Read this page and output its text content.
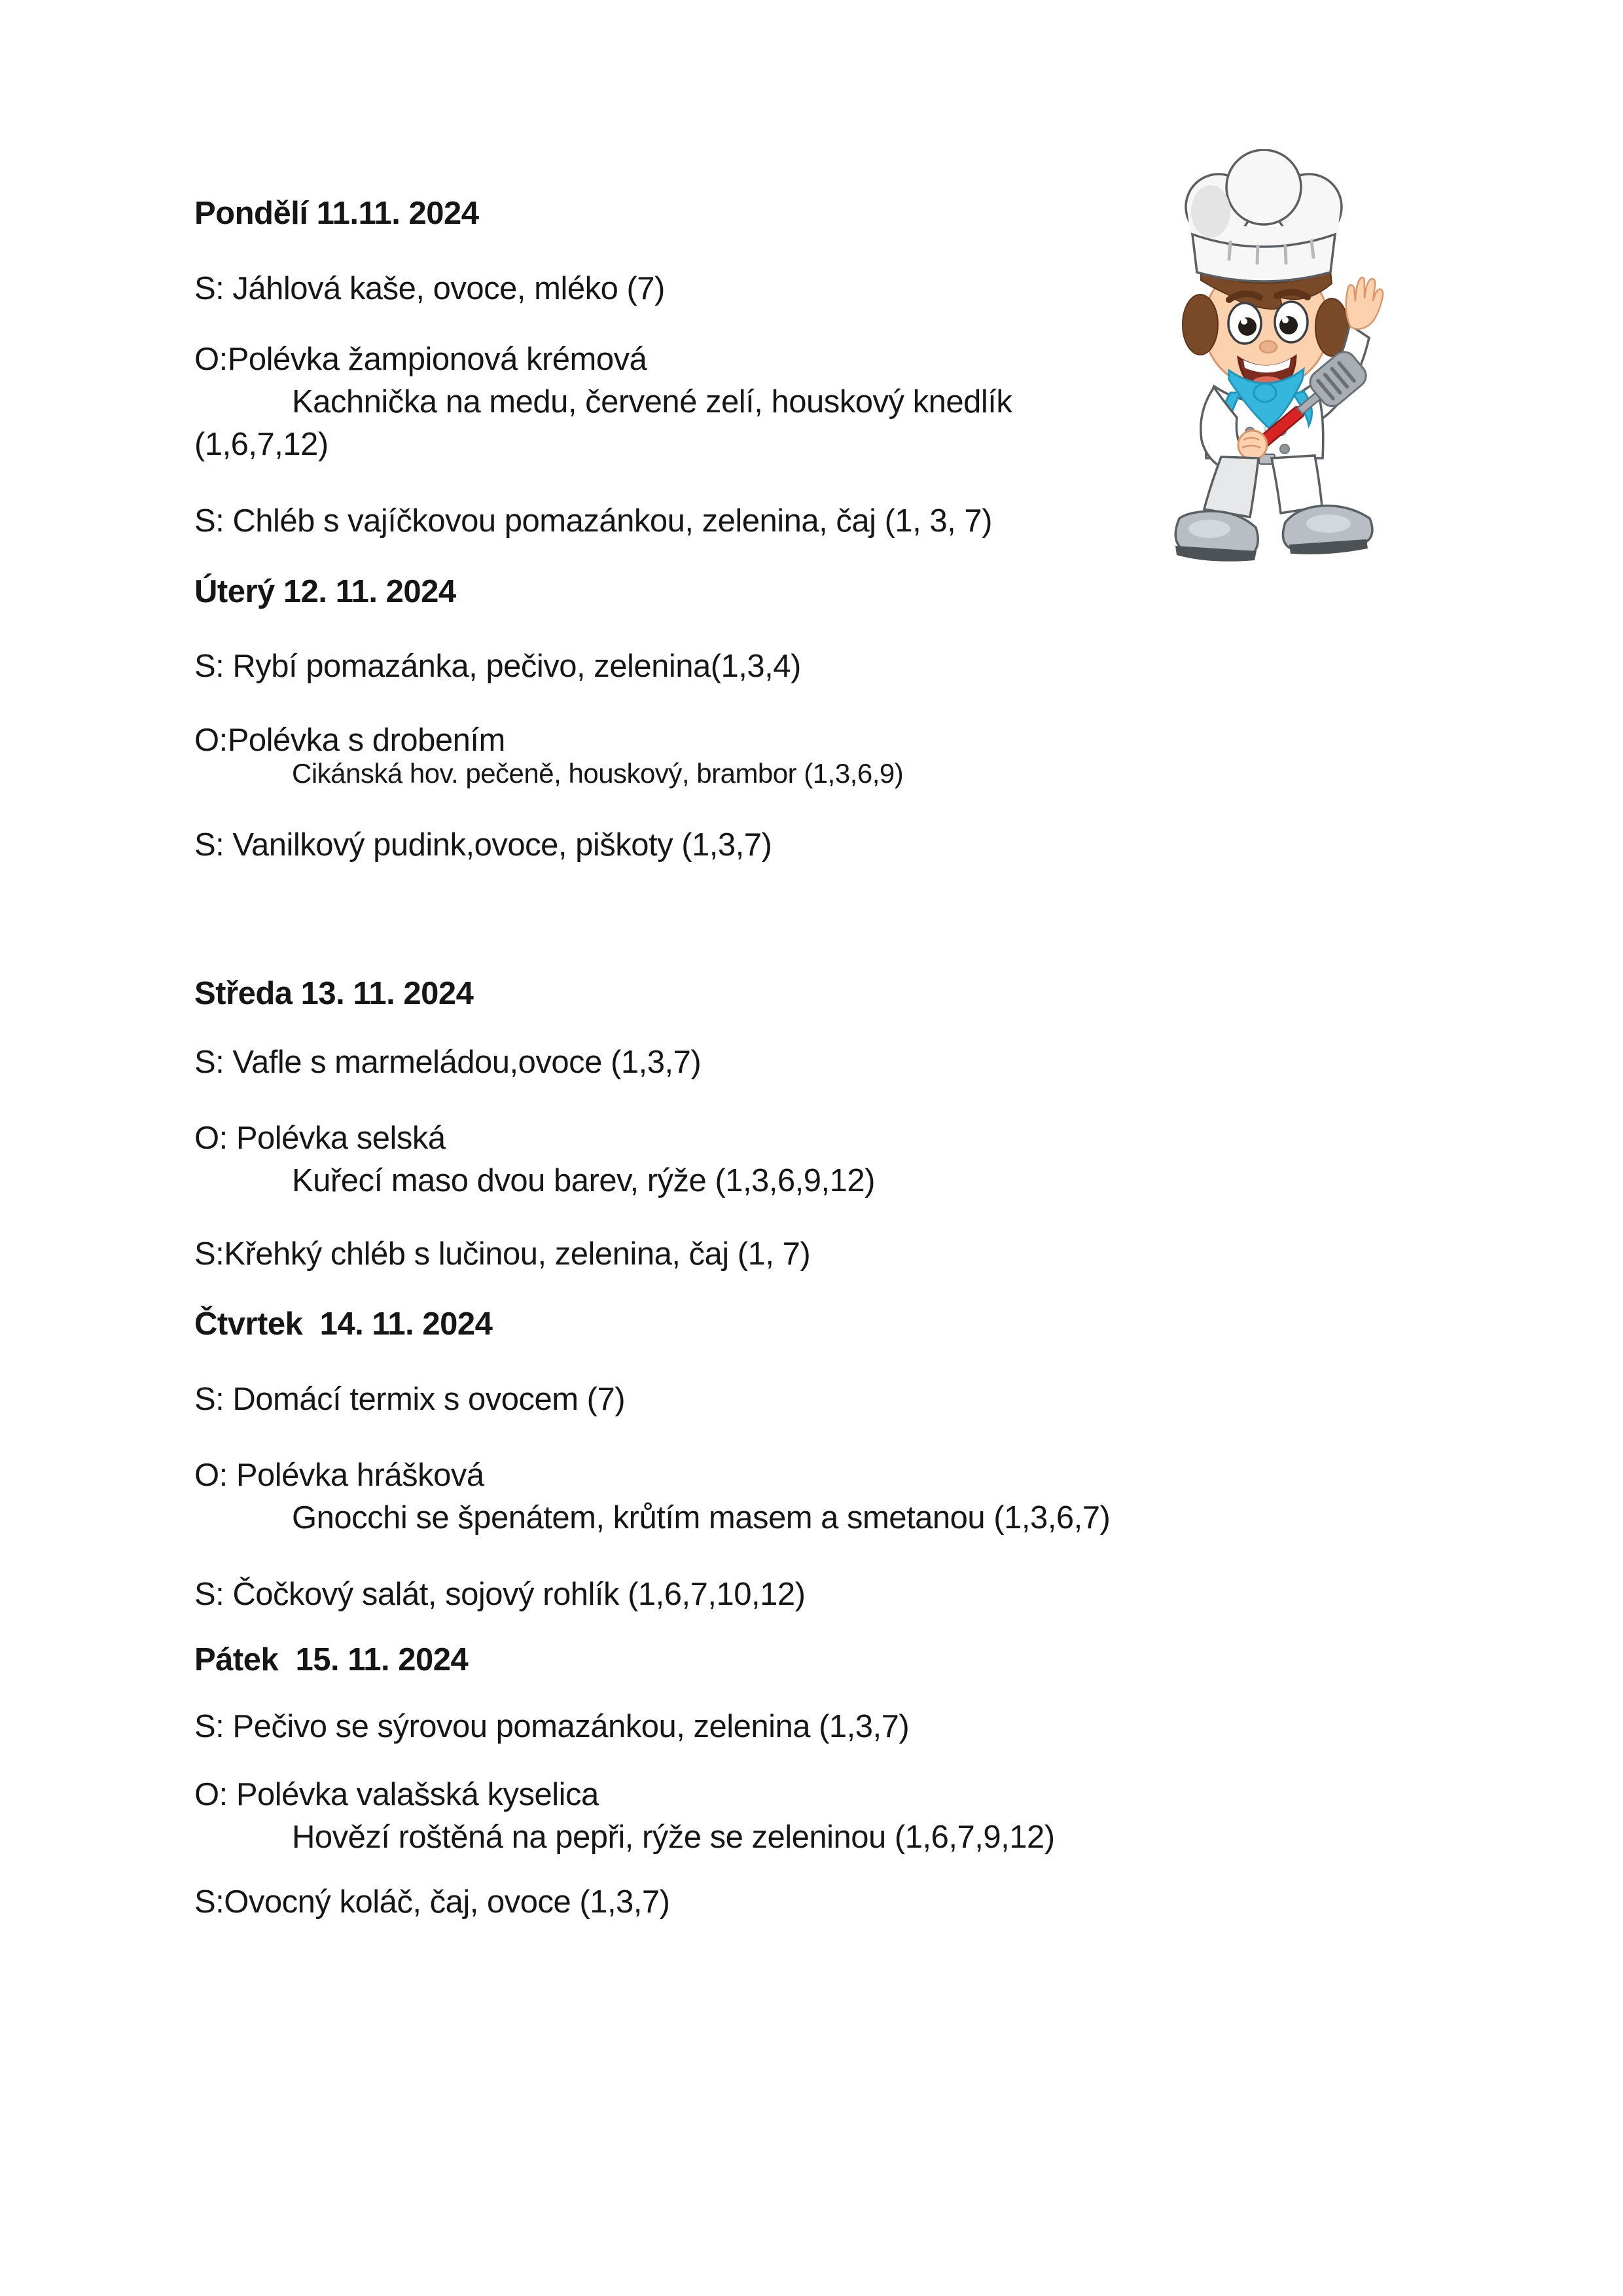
Pondělí 11.11. 2024
S: Jáhlová kaše, ovoce, mléko (7)
O:Polévka žampionová krémová
Kachnička na medu, červené zelí, houskový knedlík
(1,6,7,12)
S: Chléb s vajíčkovou pomazánkou, zelenina, čaj (1, 3, 7)
Úterý 12. 11. 2024
S: Rybí pomazánka, pečivo, zelenina(1,3,4)
O:Polévka s drobením
Cikánská hov. pečeně, houskový, brambor (1,3,6,9)
S: Vanilkový pudink,ovoce, piškoty (1,3,7)
Středa 13. 11. 2024
S: Vafle s marmeládou,ovoce (1,3,7)
O: Polévka selská
Kuřecí maso dvou barev, rýže (1,3,6,9,12)
S:Křehký chléb s lučinou, zelenina, čaj (1, 7)
Čtvrtek  14. 11. 2024
S: Domácí termix s ovocem (7)
O: Polévka hrášková
Gnocchi se špenátem, krůtím masem a smetanou (1,3,6,7)
S: Čočkový salát, sojový rohlík (1,6,7,10,12)
Pátek  15. 11. 2024
S: Pečivo se sýrovou pomazánkou, zelenina (1,3,7)
O: Polévka valašská kyselica
Hovězí roštěná na pepři, rýže se zeleninou (1,6,7,9,12)
S:Ovocný koláč, čaj, ovoce (1,3,7)
